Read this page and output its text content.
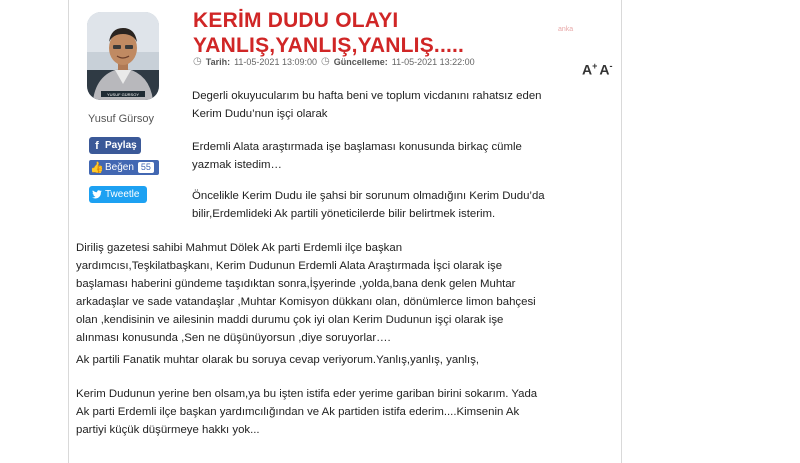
YUSUF GÜRSOY
Yusuf Gürsoy
f Paylaş
👍 Beğen 55
Tweetle
KERİM DUDU OLAYI
YANLIŞ,YANLIŞ,YANLIŞ.....
anka
◷ Tarih: 11-05-2021 13:09:00 ◷ Güncelleme: 11-05-2021 13:22:00
A+ A-

Degerli okuyucularım bu hafta beni ve toplum vicdanını rahatsız eden
Kerim Dudu’nun işçi olarak

Erdemli Alata araştırmada işe başlaması konusunda birkaç cümle
yazmak istedim…

Öncelikle Kerim Dudu ile şahsi bir sorunum olmadığını Kerim Dudu’da
bilir,Erdemlideki Ak partili yöneticilerde bilir belirtmek isterim.

Diriliş gazetesi sahibi Mahmut Dölek Ak parti Erdemli ilçe başkan
yardımcısı,Teşkilatbaşkanı, Kerim Dudunun Erdemli Alata Araştırmada İşci olarak işe
başlaması haberini gündeme taşıdıktan sonra,İşyerinde ,yolda,bana denk gelen Muhtar
arkadaşlar ve sade vatandaşlar ,Muhtar Komisyon dükkanı olan, dönümlerce limon bahçesi
olan ,kendisinin ve ailesinin maddi durumu çok iyi olan Kerim Dudunun işçi olarak işe
alınması konusunda ,Sen ne düşünüyorsun ,diye soruyorlar….

Ak partili Fanatik muhtar olarak bu soruya cevap veriyorum.Yanlış,yanlış, yanlış,

Kerim Dudunun yerine ben olsam,ya bu işten istifa eder yerime gariban birini sokarım. Yada
Ak parti Erdemli ilçe başkan yardımcılığından ve Ak partiden istifa ederim....Kimsenin Ak
partiyi küçük düşürmeye hakkı yok...
